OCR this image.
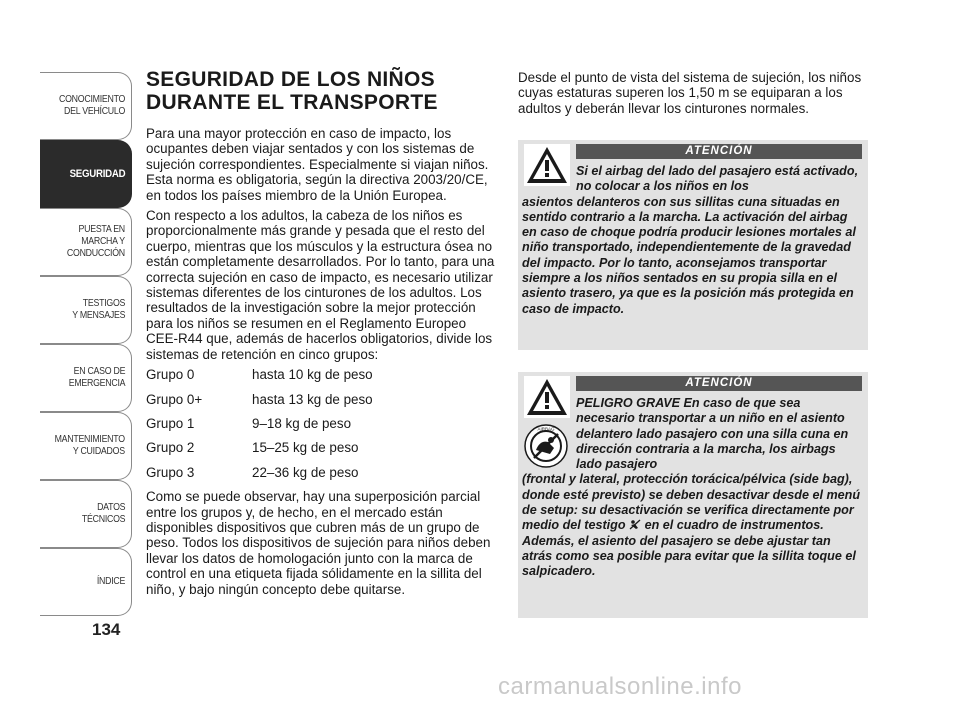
CONOCIMIENTO
DEL VEHÍCULO
SEGURIDAD
PUESTA EN
MARCHA Y
CONDUCCIÓN
TESTIGOS
Y MENSAJES
EN CASO DE
EMERGENCIA
MANTENIMIENTO
Y CUIDADOS
DATOS
TÉCNICOS
ÍNDICE
134
SEGURIDAD DE LOS NIÑOS
DURANTE EL TRANSPORTE

Para una mayor protección en caso de impacto, los ocupantes deben viajar sentados y con los sistemas de sujeción correspondientes. Especialmente si viajan niños. Esta norma es obligatoria, según la directiva 2003/20/CE, en todos los países miembro de la Unión Europea.

Con respecto a los adultos, la cabeza de los niños es proporcionalmente más grande y pesada que el resto del cuerpo, mientras que los músculos y la estructura ósea no están completamente desarrollados. Por lo tanto, para una correcta sujeción en caso de impacto, es necesario utilizar sistemas diferentes de los cinturones de los adultos. Los resultados de la investigación sobre la mejor protección para los niños se resumen en el Reglamento Europeo CEE-R44 que, además de hacerlos obligatorios, divide los sistemas de retención en cinco grupos:

Grupo 0	hasta 10 kg de peso
Grupo 0+	hasta 13 kg de peso
Grupo 1	9–18 kg de peso
Grupo 2	15–25 kg de peso
Grupo 3	22–36 kg de peso

Como se puede observar, hay una superposición parcial entre los grupos y, de hecho, en el mercado están disponibles dispositivos que cubren más de un grupo de peso. Todos los dispositivos de sujeción para niños deben llevar los datos de homologación junto con la marca de control en una etiqueta fijada sólidamente en la sillita del niño, y bajo ningún concepto debe quitarse.

Desde el punto de vista del sistema de sujeción, los niños cuyas estaturas superen los 1,50 m se equiparan a los adultos y deberán llevar los cinturones normales.

ATENCIÓN
Si el airbag del lado del pasajero está activado, no colocar a los niños en los
asientos delanteros con sus sillitas cuna situadas en sentido contrario a la marcha. La activación del airbag en caso de choque podría producir lesiones mortales al niño transportado, independientemente de la gravedad del impacto. Por lo tanto, aconsejamos transportar siempre a los niños sentados en su propia silla en el asiento trasero, ya que es la posición más protegida en caso de impacto.
AIRBAG
ATENCIÓN
PELIGRO GRAVE En caso de que sea necesario transportar a un niño en el asiento delantero lado pasajero con una silla cuna en dirección contraria a la marcha, los airbags lado pasajero
(frontal y lateral, protección torácica/pélvica (side bag), donde esté previsto) se deben desactivar desde el menú de setup: su desactivación se verifica directamente por medio del testigo en el cuadro de instrumentos. Además, el asiento del pasajero se debe ajustar tan atrás como sea posible para evitar que la sillita toque el salpicadero.
carmanualsonline.info
